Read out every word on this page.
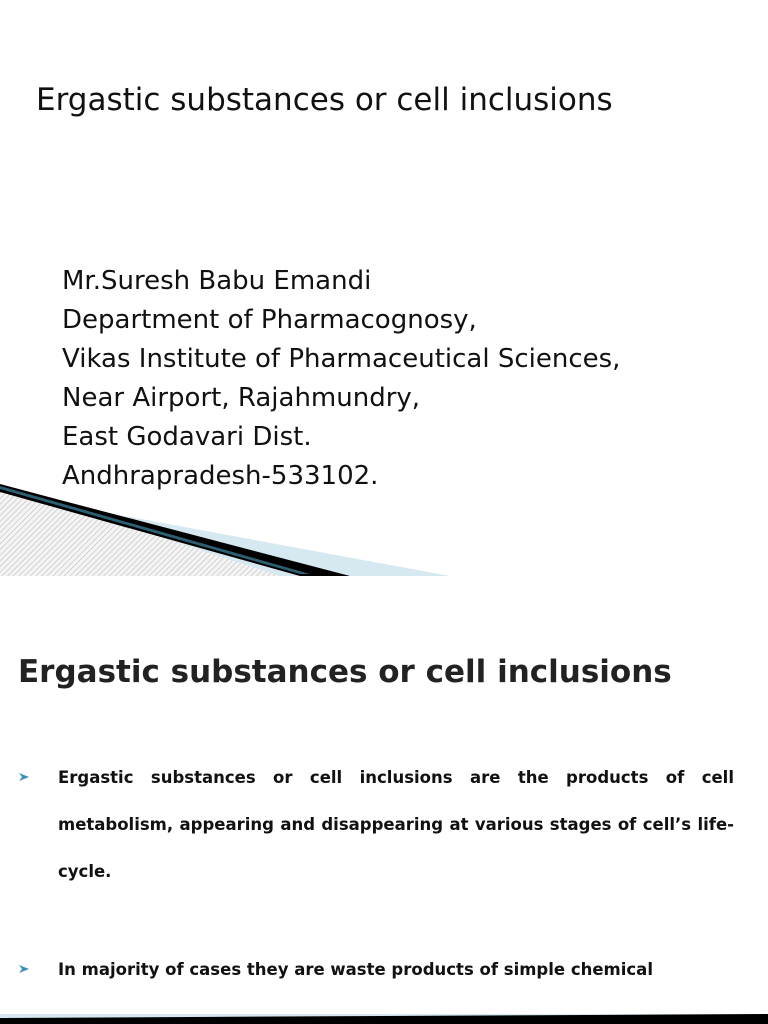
Ergastic substances or cell inclusions
Mr.Suresh Babu Emandi
Department of Pharmacognosy,
Vikas Institute of Pharmaceutical Sciences,
Near Airport, Rajahmundry,
East Godavari Dist.
Andhrapradesh-533102.
Ergastic substances or cell inclusions
Ergastic substances or cell inclusions are the products of cell metabolism, appearing and disappearing at various stages of cell’s life-cycle.
In majority of cases they are waste products of simple chemical
